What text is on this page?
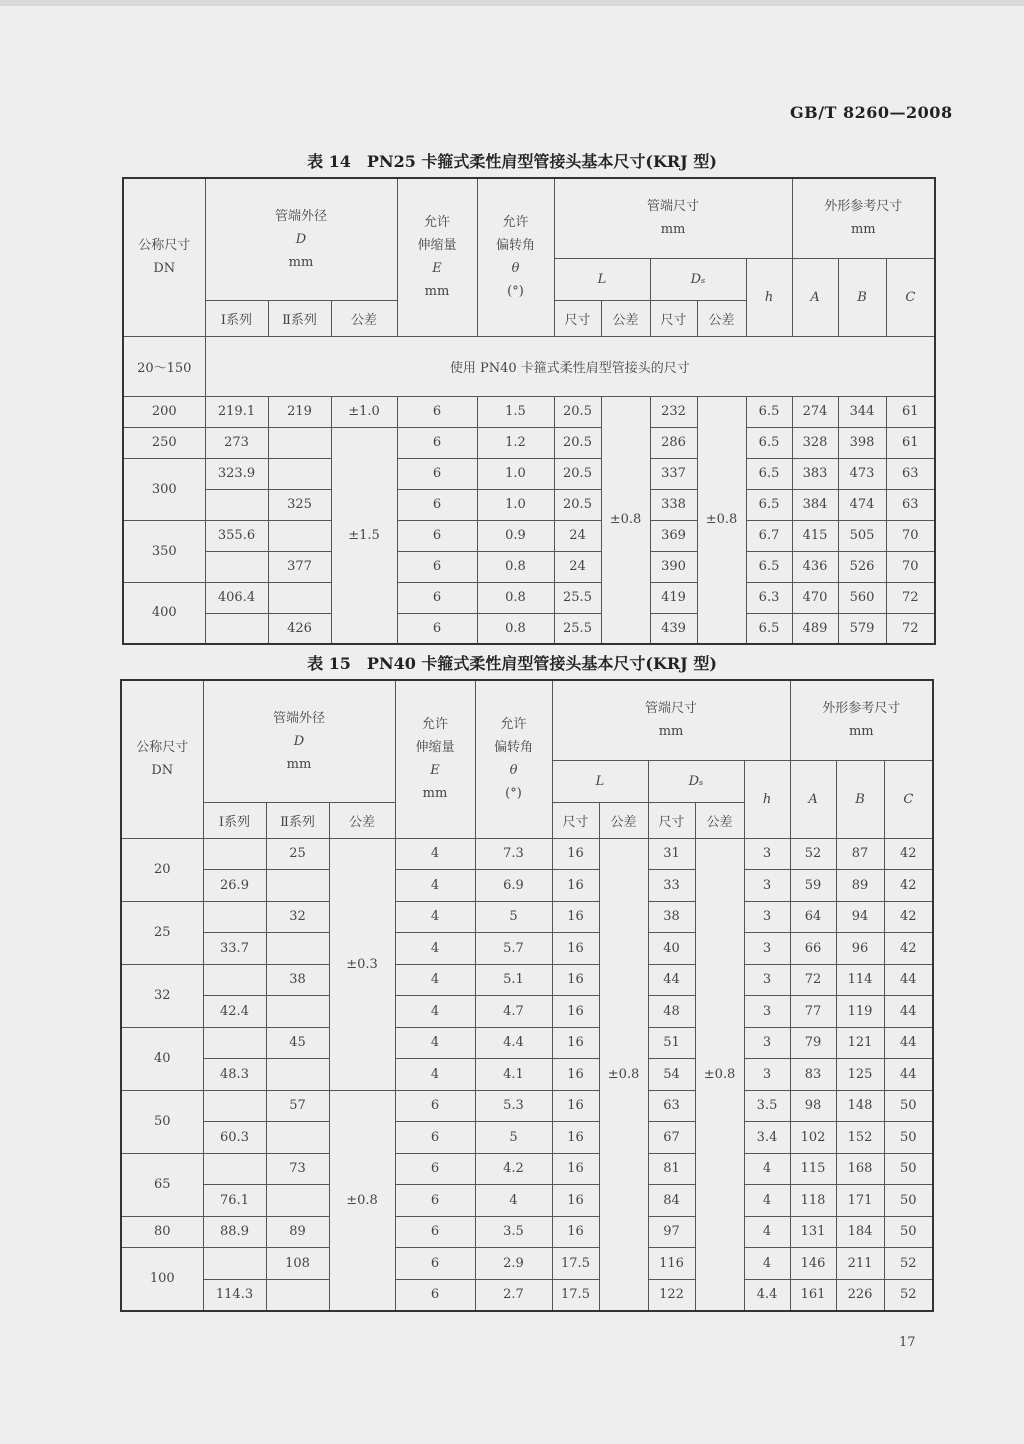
GB/T 8260—2008
表 14　PN25 卡箍式柔性肩型管接头基本尺寸(KRJ 型)
公称尺寸
DN	管端外径
D
mm			允许
伸缩量
E
mm	允许
偏转角
θ
(°)	管端尺寸
mm					外形参考尺寸
mm		

						L		Dₛ		h	A	B	C
	Ⅰ系列	Ⅱ系列	公差			尺寸	公差	尺寸	公差				
20～150	使用 PN40 卡箍式柔性肩型管接头的尺寸												
200	219.1	219	±1.0	6	1.5	20.5	±0.8	232	±0.8	6.5	274	344	61
250	273		±1.5	6	1.2	20.5		286		6.5	328	398	61
300	323.9			6	1.0	20.5		337		6.5	383	473	63
		325		6	1.0	20.5		338		6.5	384	474	63
350	355.6			6	0.9	24		369		6.7	415	505	70
		377		6	0.8	24		390		6.5	436	526	70
400	406.4			6	0.8	25.5		419		6.3	470	560	72
		426		6	0.8	25.5		439		6.5	489	579	72
表 15　PN40 卡箍式柔性肩型管接头基本尺寸(KRJ 型)
公称尺寸
DN	管端外径
D
mm			允许
伸缩量
E
mm	允许
偏转角
θ
(°)	管端尺寸
mm					外形参考尺寸
mm		

						L		Dₛ		h	A	B	C
	Ⅰ系列	Ⅱ系列	公差			尺寸	公差	尺寸	公差				
20		25	±0.3	4	7.3	16	±0.8	31	±0.8	3	52	87	42
	26.9			4	6.9	16		33		3	59	89	42
25		32		4	5	16		38		3	64	94	42
	33.7			4	5.7	16		40		3	66	96	42
32		38		4	5.1	16		44		3	72	114	44
	42.4			4	4.7	16		48		3	77	119	44
40		45		4	4.4	16		51		3	79	121	44
	48.3			4	4.1	16		54		3	83	125	44
50		57	±0.8	6	5.3	16		63		3.5	98	148	50
	60.3			6	5	16		67		3.4	102	152	50
65		73		6	4.2	16		81		4	115	168	50
	76.1			6	4	16		84		4	118	171	50
80	88.9	89		6	3.5	16		97		4	131	184	50
100		108		6	2.9	17.5		116		4	146	211	52
	114.3			6	2.7	17.5		122		4.4	161	226	52
17
